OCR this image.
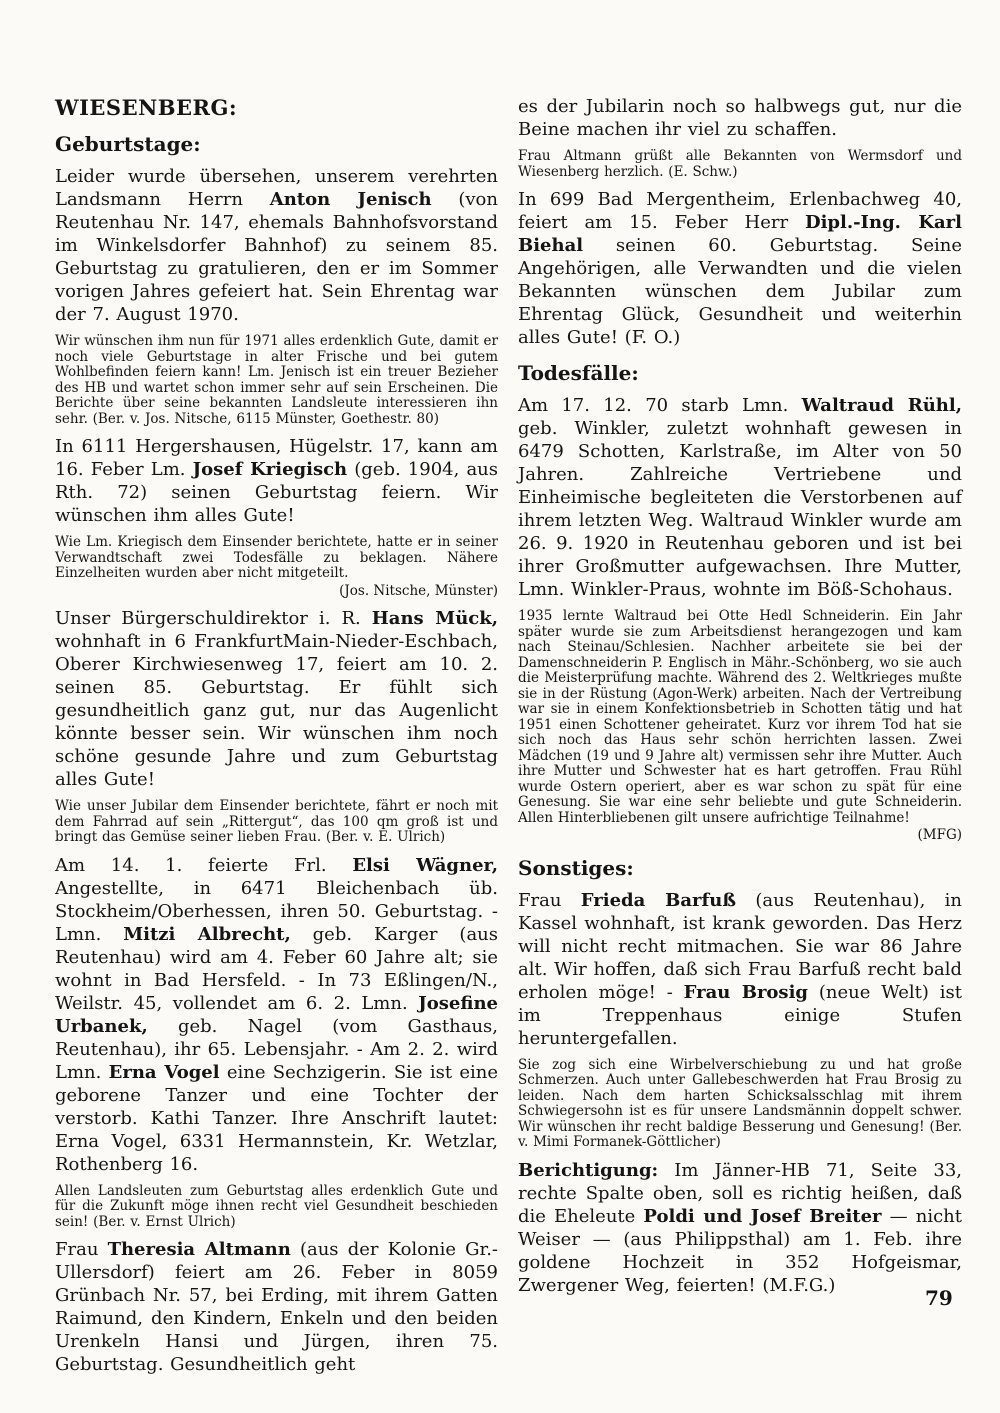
WIESENBERG:
Geburtstage:

Leider wurde übersehen, unserem verehrten Landsmann Herrn Anton Jenisch (von Reutenhau Nr. 147, ehemals Bahnhofsvorstand im Winkelsdorfer Bahnhof) zu seinem 85. Geburtstag zu gratulieren, den er im Sommer vorigen Jahres gefeiert hat. Sein Ehrentag war der 7. August 1970.

Wir wünschen ihm nun für 1971 alles erdenklich Gute, damit er noch viele Geburtstage in alter Frische und bei gutem Wohlbefinden feiern kann! Lm. Jenisch ist ein treuer Bezieher des HB und wartet schon immer sehr auf sein Erscheinen. Die Berichte über seine bekannten Landsleute interessieren ihn sehr. (Ber. v. Jos. Nitsche, 6115 Münster, Goethestr. 80)

In 6111 Hergershausen, Hügelstr. 17, kann am 16. Feber Lm. Josef Kriegisch (geb. 1904, aus Rth. 72) seinen Geburtstag feiern. Wir wünschen ihm alles Gute!

Wie Lm. Kriegisch dem Einsender berichtete, hatte er in seiner Verwandtschaft zwei Todesfälle zu beklagen. Nähere Einzelheiten wurden aber nicht mitgeteilt.

(Jos. Nitsche, Münster)

Unser Bürgerschuldirektor i. R. Hans Mück, wohnhaft in 6 FrankfurtMain-Nieder-Eschbach, Oberer Kirchwiesenweg 17, feiert am 10. 2. seinen 85. Geburtstag. Er fühlt sich gesundheitlich ganz gut, nur das Augenlicht könnte besser sein. Wir wünschen ihm noch schöne gesunde Jahre und zum Geburtstag alles Gute!

Wie unser Jubilar dem Einsender berichtete, fährt er noch mit dem Fahrrad auf sein „Rittergut“, das 100 qm groß ist und bringt das Gemüse seiner lieben Frau. (Ber. v. E. Ulrich)

Am 14. 1. feierte Frl. Elsi Wägner, Angestellte, in 6471 Bleichenbach üb. Stockheim/Oberhessen, ihren 50. Geburtstag. - Lmn. Mitzi Albrecht, geb. Karger (aus Reutenhau) wird am 4. Feber 60 Jahre alt; sie wohnt in Bad Hersfeld. - In 73 Eßlingen/N., Weilstr. 45, vollendet am 6. 2. Lmn. Josefine Urbanek, geb. Nagel (vom Gasthaus, Reutenhau), ihr 65. Lebensjahr. - Am 2. 2. wird Lmn. Erna Vogel eine Sechzigerin. Sie ist eine geborene Tanzer und eine Tochter der verstorb. Kathi Tanzer. Ihre Anschrift lautet: Erna Vogel, 6331 Hermannstein, Kr. Wetzlar, Rothenberg 16.

Allen Landsleuten zum Geburtstag alles erdenklich Gute und für die Zukunft möge ihnen recht viel Gesundheit beschieden sein! (Ber. v. Ernst Ulrich)

Frau Theresia Altmann (aus der Kolonie Gr.-Ullersdorf) feiert am 26. Feber in 8059 Grünbach Nr. 57, bei Erding, mit ihrem Gatten Raimund, den Kindern, Enkeln und den beiden Urenkeln Hansi und Jürgen, ihren 75. Geburtstag. Gesundheitlich geht

es der Jubilarin noch so halbwegs gut, nur die Beine machen ihr viel zu schaffen.

Frau Altmann grüßt alle Bekannten von Wermsdorf und Wiesenberg herzlich. (E. Schw.)

In 699 Bad Mergentheim, Erlenbachweg 40, feiert am 15. Feber Herr Dipl.-Ing. Karl Biehal seinen 60. Geburtstag. Seine Angehörigen, alle Verwandten und die vielen Bekannten wünschen dem Jubilar zum Ehrentag Glück, Gesundheit und weiterhin alles Gute! (F. O.)

Todesfälle:

Am 17. 12. 70 starb Lmn. Waltraud Rühl, geb. Winkler, zuletzt wohnhaft gewesen in 6479 Schotten, Karlstraße, im Alter von 50 Jahren. Zahlreiche Vertriebene und Einheimische begleiteten die Verstorbenen auf ihrem letzten Weg. Waltraud Winkler wurde am 26. 9. 1920 in Reutenhau geboren und ist bei ihrer Großmutter aufgewachsen. Ihre Mutter, Lmn. Winkler-Praus, wohnte im Böß-Schohaus.

1935 lernte Waltraud bei Otte Hedl Schneiderin. Ein Jahr später wurde sie zum Arbeitsdienst herangezogen und kam nach Steinau/Schlesien. Nachher arbeitete sie bei der Damenschneiderin P. Englisch in Mähr.-Schönberg, wo sie auch die Meisterprüfung machte. Während des 2. Weltkrieges mußte sie in der Rüstung (Agon-Werk) arbeiten. Nach der Vertreibung war sie in einem Konfektionsbetrieb in Schotten tätig und hat 1951 einen Schottener geheiratet. Kurz vor ihrem Tod hat sie sich noch das Haus sehr schön herrichten lassen. Zwei Mädchen (19 und 9 Jahre alt) vermissen sehr ihre Mutter. Auch ihre Mutter und Schwester hat es hart getroffen. Frau Rühl wurde Ostern operiert, aber es war schon zu spät für eine Genesung. Sie war eine sehr beliebte und gute Schneiderin. Allen Hinterbliebenen gilt unsere aufrichtige Teilnahme!

(MFG)
Sonstiges:

Frau Frieda Barfuß (aus Reutenhau), in Kassel wohnhaft, ist krank geworden. Das Herz will nicht recht mitmachen. Sie war 86 Jahre alt. Wir hoffen, daß sich Frau Barfuß recht bald erholen möge! - Frau Brosig (neue Welt) ist im Treppenhaus einige Stufen heruntergefallen.

Sie zog sich eine Wirbelverschiebung zu und hat große Schmerzen. Auch unter Gallebeschwerden hat Frau Brosig zu leiden. Nach dem harten Schicksalsschlag mit ihrem Schwiegersohn ist es für unsere Landsmännin doppelt schwer. Wir wünschen ihr recht baldige Besserung und Genesung! (Ber. v. Mimi Formanek-Göttlicher)

Berichtigung: Im Jänner-HB 71, Seite 33, rechte Spalte oben, soll es richtig heißen, daß die Eheleute Poldi und Josef Breiter — nicht Weiser — (aus Philippsthal) am 1. Feb. ihre goldene Hochzeit in 352 Hofgeismar, Zwergener Weg, feierten! (M.F.G.)

79
